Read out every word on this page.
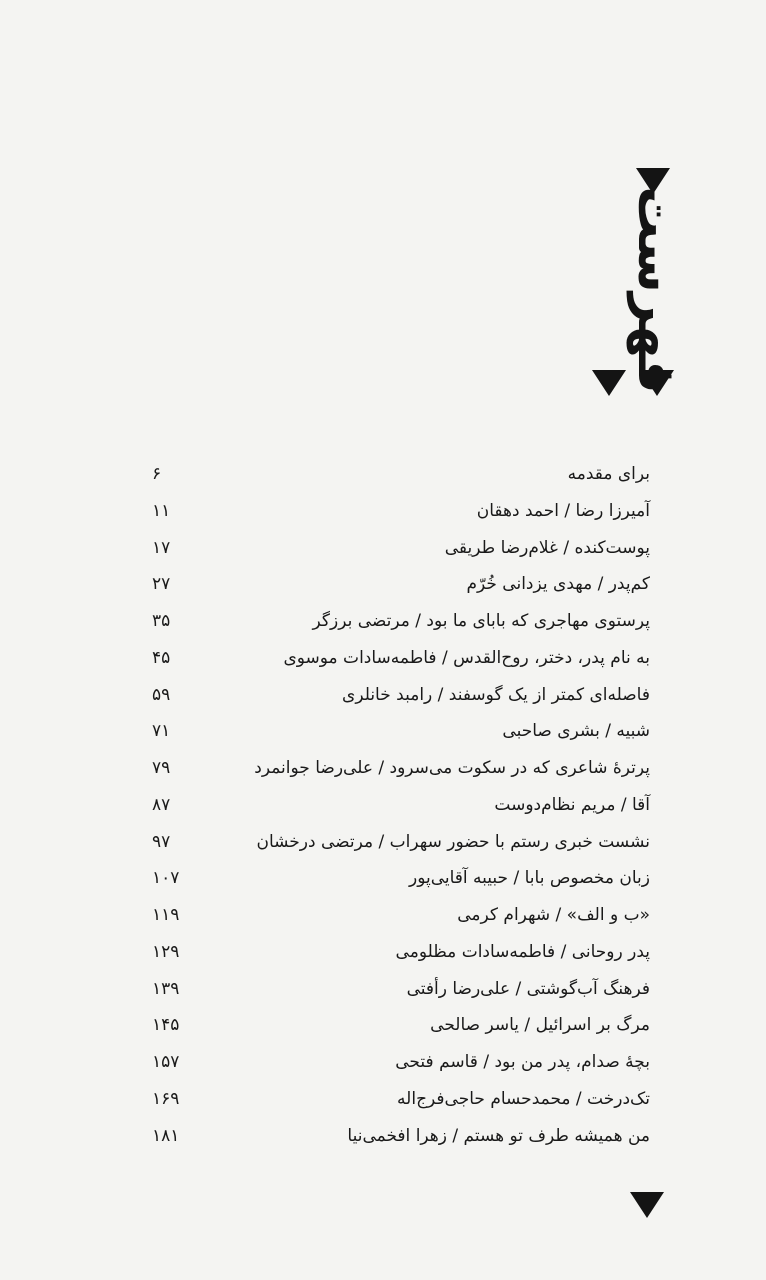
فهرست
برای مقدمه
۶
آمیرزا رضا / احمد دهقان
۱۱
پوست‌کنده / غلام‌رضا طریقی
۱۷
کم‌پدر / مهدی یزدانی خُرّم
۲۷
پرستوی مهاجری که بابای ما بود / مرتضی برزگر
۳۵
به نام پدر، دختر، روح‌القدس / فاطمه‌سادات موسوی
۴۵
فاصله‌ای کمتر از یک گوسفند / رامبد خانلری
۵۹
شبیه / بشری صاحبی
۷۱
پرترهٔ شاعری که در سکوت می‌سرود / علی‌رضا جوانمرد
۷۹
آقا / مریم نظام‌دوست
۸۷
نشست خبری رستم با حضور سهراب / مرتضی درخشان
۹۷
زبان مخصوص بابا / حبیبه آقایی‌پور
۱۰۷
«ب و الف» / شهرام کرمی
۱۱۹
پدر روحانی / فاطمه‌سادات مظلومی
۱۲۹
فرهنگ آب‌گوشتی / علی‌رضا رأفتی
۱۳۹
مرگ بر اسرائیل / یاسر صالحی
۱۴۵
بچهٔ صدام، پدر من بود / قاسم فتحی
۱۵۷
تک‌درخت / محمدحسام حاجی‌فرج‌اله
۱۶۹
من همیشه طرف تو هستم / زهرا افخمی‌نیا
۱۸۱
